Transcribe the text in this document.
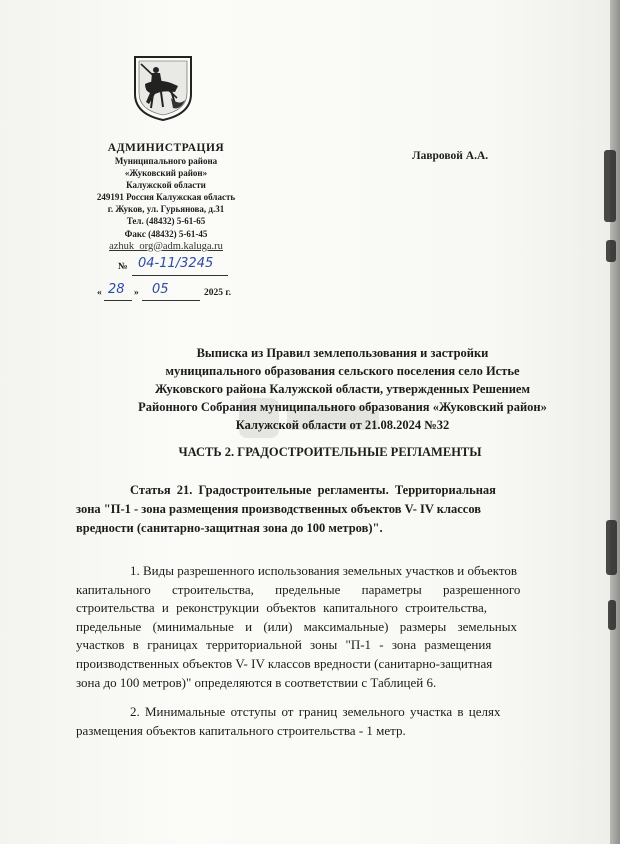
АДМИНИСТРАЦИЯ
Муниципального района
«Жуковский район»
Калужской области
249191 Россия Калужская область
г. Жуков, ул. Гурьянова, д.31
Тел. (48432) 5-61-65
Факс (48432) 5-61-45
azhuk_org@adm.kaluga.ru
Лавровой А.А.
№ 04-11/3245
« 28 » 05	2025 г.
Выписка из Правил землепользования и застройки
муниципального образования сельского поселения село Истье
Жуковского района Калужской области, утвержденных Решением
Районного Собрания муниципального образования «Жуковский район»
Калужской области от 21.08.2024 №32
ЧАСТЬ 2. ГРАДОСТРОИТЕЛЬНЫЕ РЕГЛАМЕНТЫ
Статья 21. Градостроительные регламенты. Территориальная
зона "П-1 - зона размещения производственных объектов V- IV классов
вредности (санитарно-защитная зона до 100 метров)".
1. Виды разрешенного использования земельных участков и объектов
капитального строительства, предельные параметры разрешенного
строительства и реконструкции объектов капитального строительства,
предельные (минимальные и (или) максимальные) размеры земельных
участков в границах территориальной зоны "П-1 - зона размещения
производственных объектов V- IV классов вредности (санитарно-защитная
зона до 100 метров)" определяются в соответствии с Таблицей 6.
2. Минимальные отступы от границ земельного участка в целях
размещения объектов капитального строительства - 1 метр.
